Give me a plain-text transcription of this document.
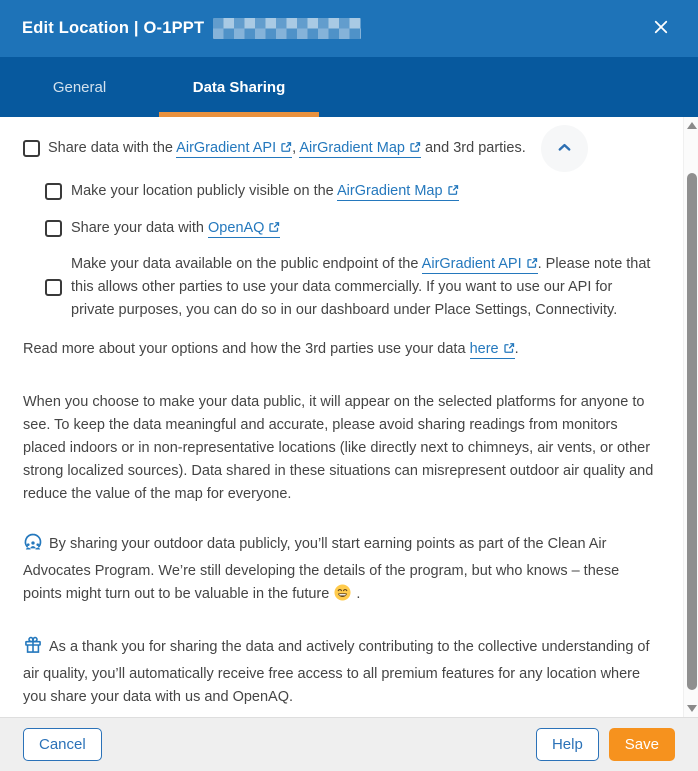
Edit Location | O-1PPT
General	Data Sharing
Share data with the AirGradient API , AirGradient Map and 3rd parties.
Make your location publicly visible on the AirGradient Map
Share your data with OpenAQ
Make your data available on the public endpoint of the AirGradient API . Please note that this allows other parties to use your data commercially. If you want to use our API for private purposes, you can do so in our dashboard under Place Settings, Connectivity.
Read more about your options and how the 3rd parties use your data here .
When you choose to make your data public, it will appear on the selected platforms for anyone to see. To keep the data meaningful and accurate, please avoid sharing readings from monitors placed indoors or in non-representative locations (like directly next to chimneys, air vents, or other strong localized sources). Data shared in these situations can misrepresent outdoor air quality and reduce the value of the map for everyone.
By sharing your outdoor data publicly, you’ll start earning points as part of the Clean Air Advocates Program. We’re still developing the details of the program, but who knows – these points might turn out to be valuable in the future  .
As a thank you for sharing the data and actively contributing to the collective understanding of air quality, you’ll automatically receive free access to all premium features for any location where you share your data with us and OpenAQ.
Cancel	Help	Save
